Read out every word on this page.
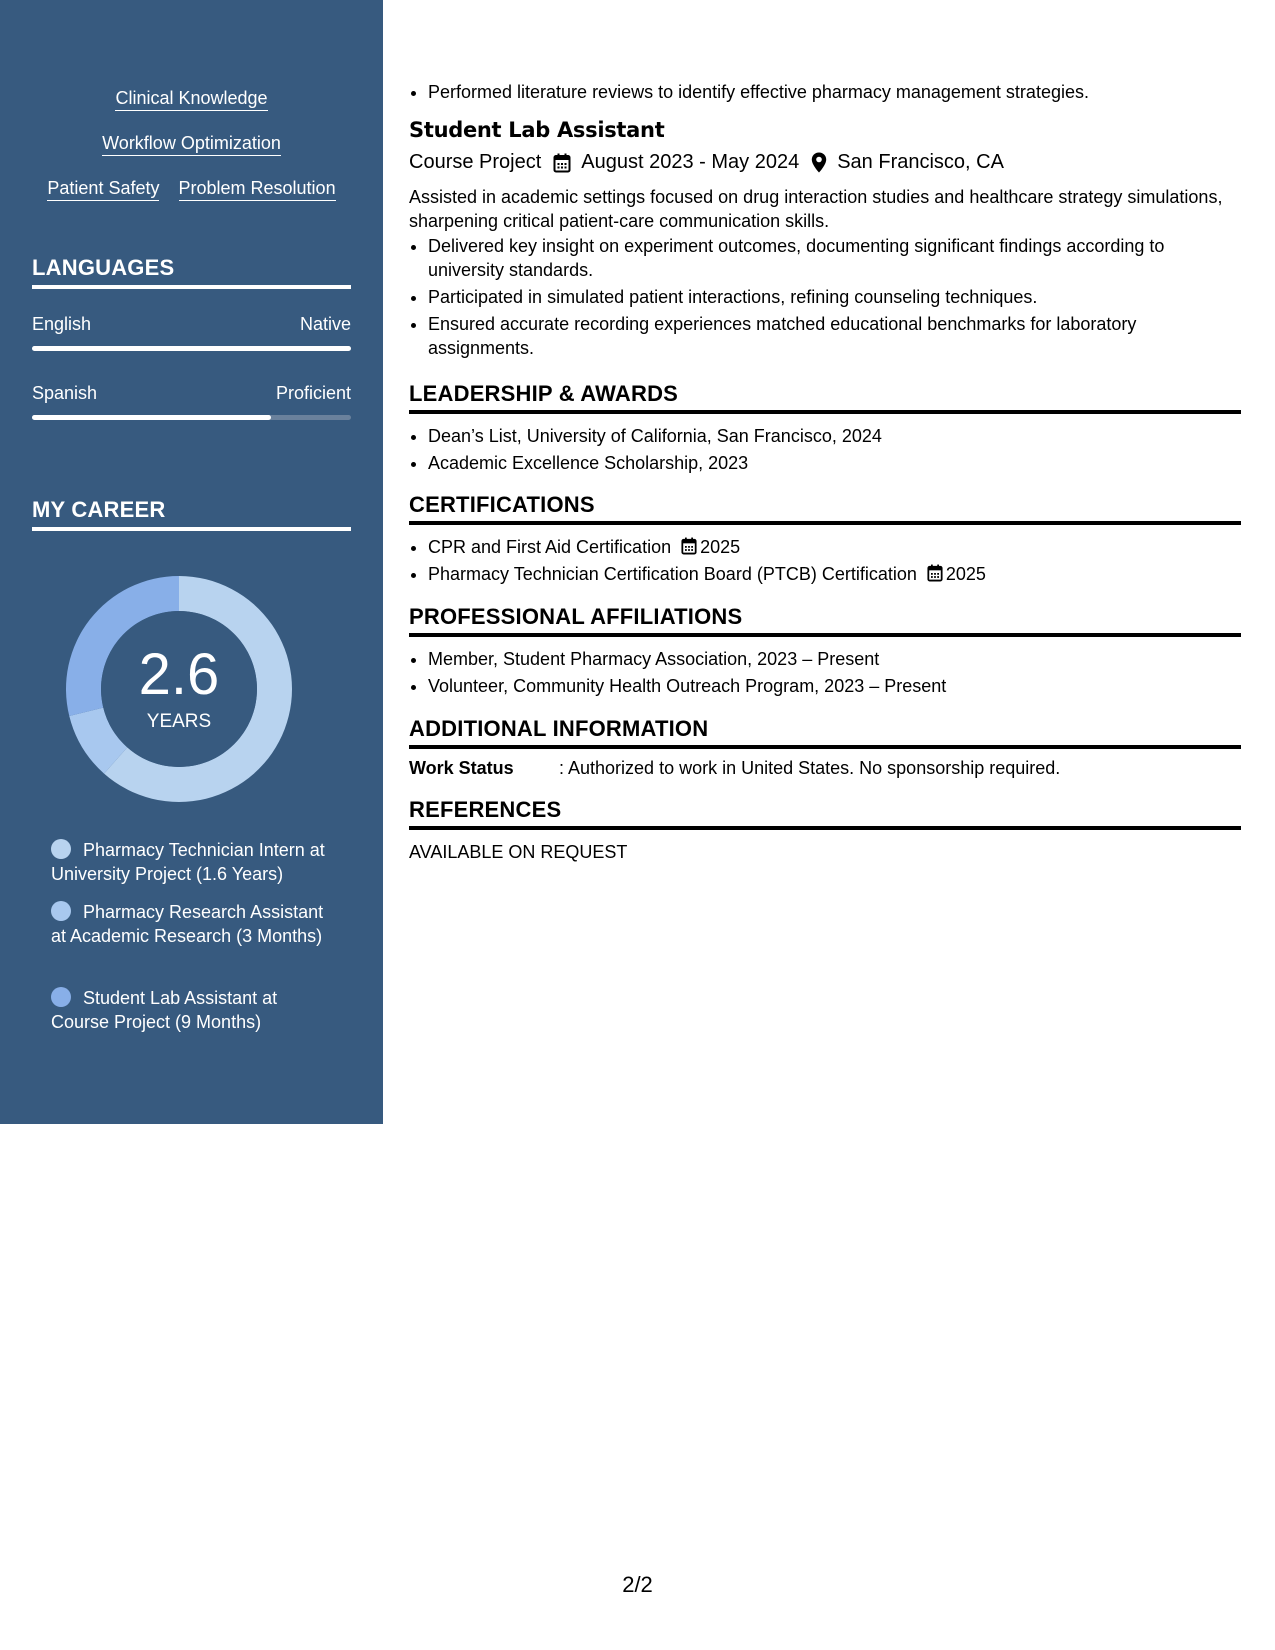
Clinical Knowledge
Workflow Optimization
Patient Safety Problem Resolution
LANGUAGES
English	Native
Spanish	Proficient
MY CAREER
2.6
YEARS
Pharmacy Technician Intern at University Project (1.6 Years)
Pharmacy Research Assistant at Academic Research (3 Months)
Student Lab Assistant at Course Project (9 Months)
• Performed literature reviews to identify effective pharmacy management strategies.
Student Lab Assistant
Course Project August 2023 - May 2024 San Francisco, CA
Assisted in academic settings focused on drug interaction studies and healthcare strategy simulations, sharpening critical patient-care communication skills.
• Delivered key insight on experiment outcomes, documenting significant findings according to university standards.
• Participated in simulated patient interactions, refining counseling techniques.
• Ensured accurate recording experiences matched educational benchmarks for laboratory assignments.
LEADERSHIP & AWARDS
• Dean’s List, University of California, San Francisco, 2024
• Academic Excellence Scholarship, 2023
CERTIFICATIONS
• CPR and First Aid Certification 2025
• Pharmacy Technician Certification Board (PTCB) Certification 2025
PROFESSIONAL AFFILIATIONS
• Member, Student Pharmacy Association, 2023 – Present
• Volunteer, Community Health Outreach Program, 2023 – Present
ADDITIONAL INFORMATION
Work Status	: Authorized to work in United States. No sponsorship required.
REFERENCES
AVAILABLE ON REQUEST
2/2
